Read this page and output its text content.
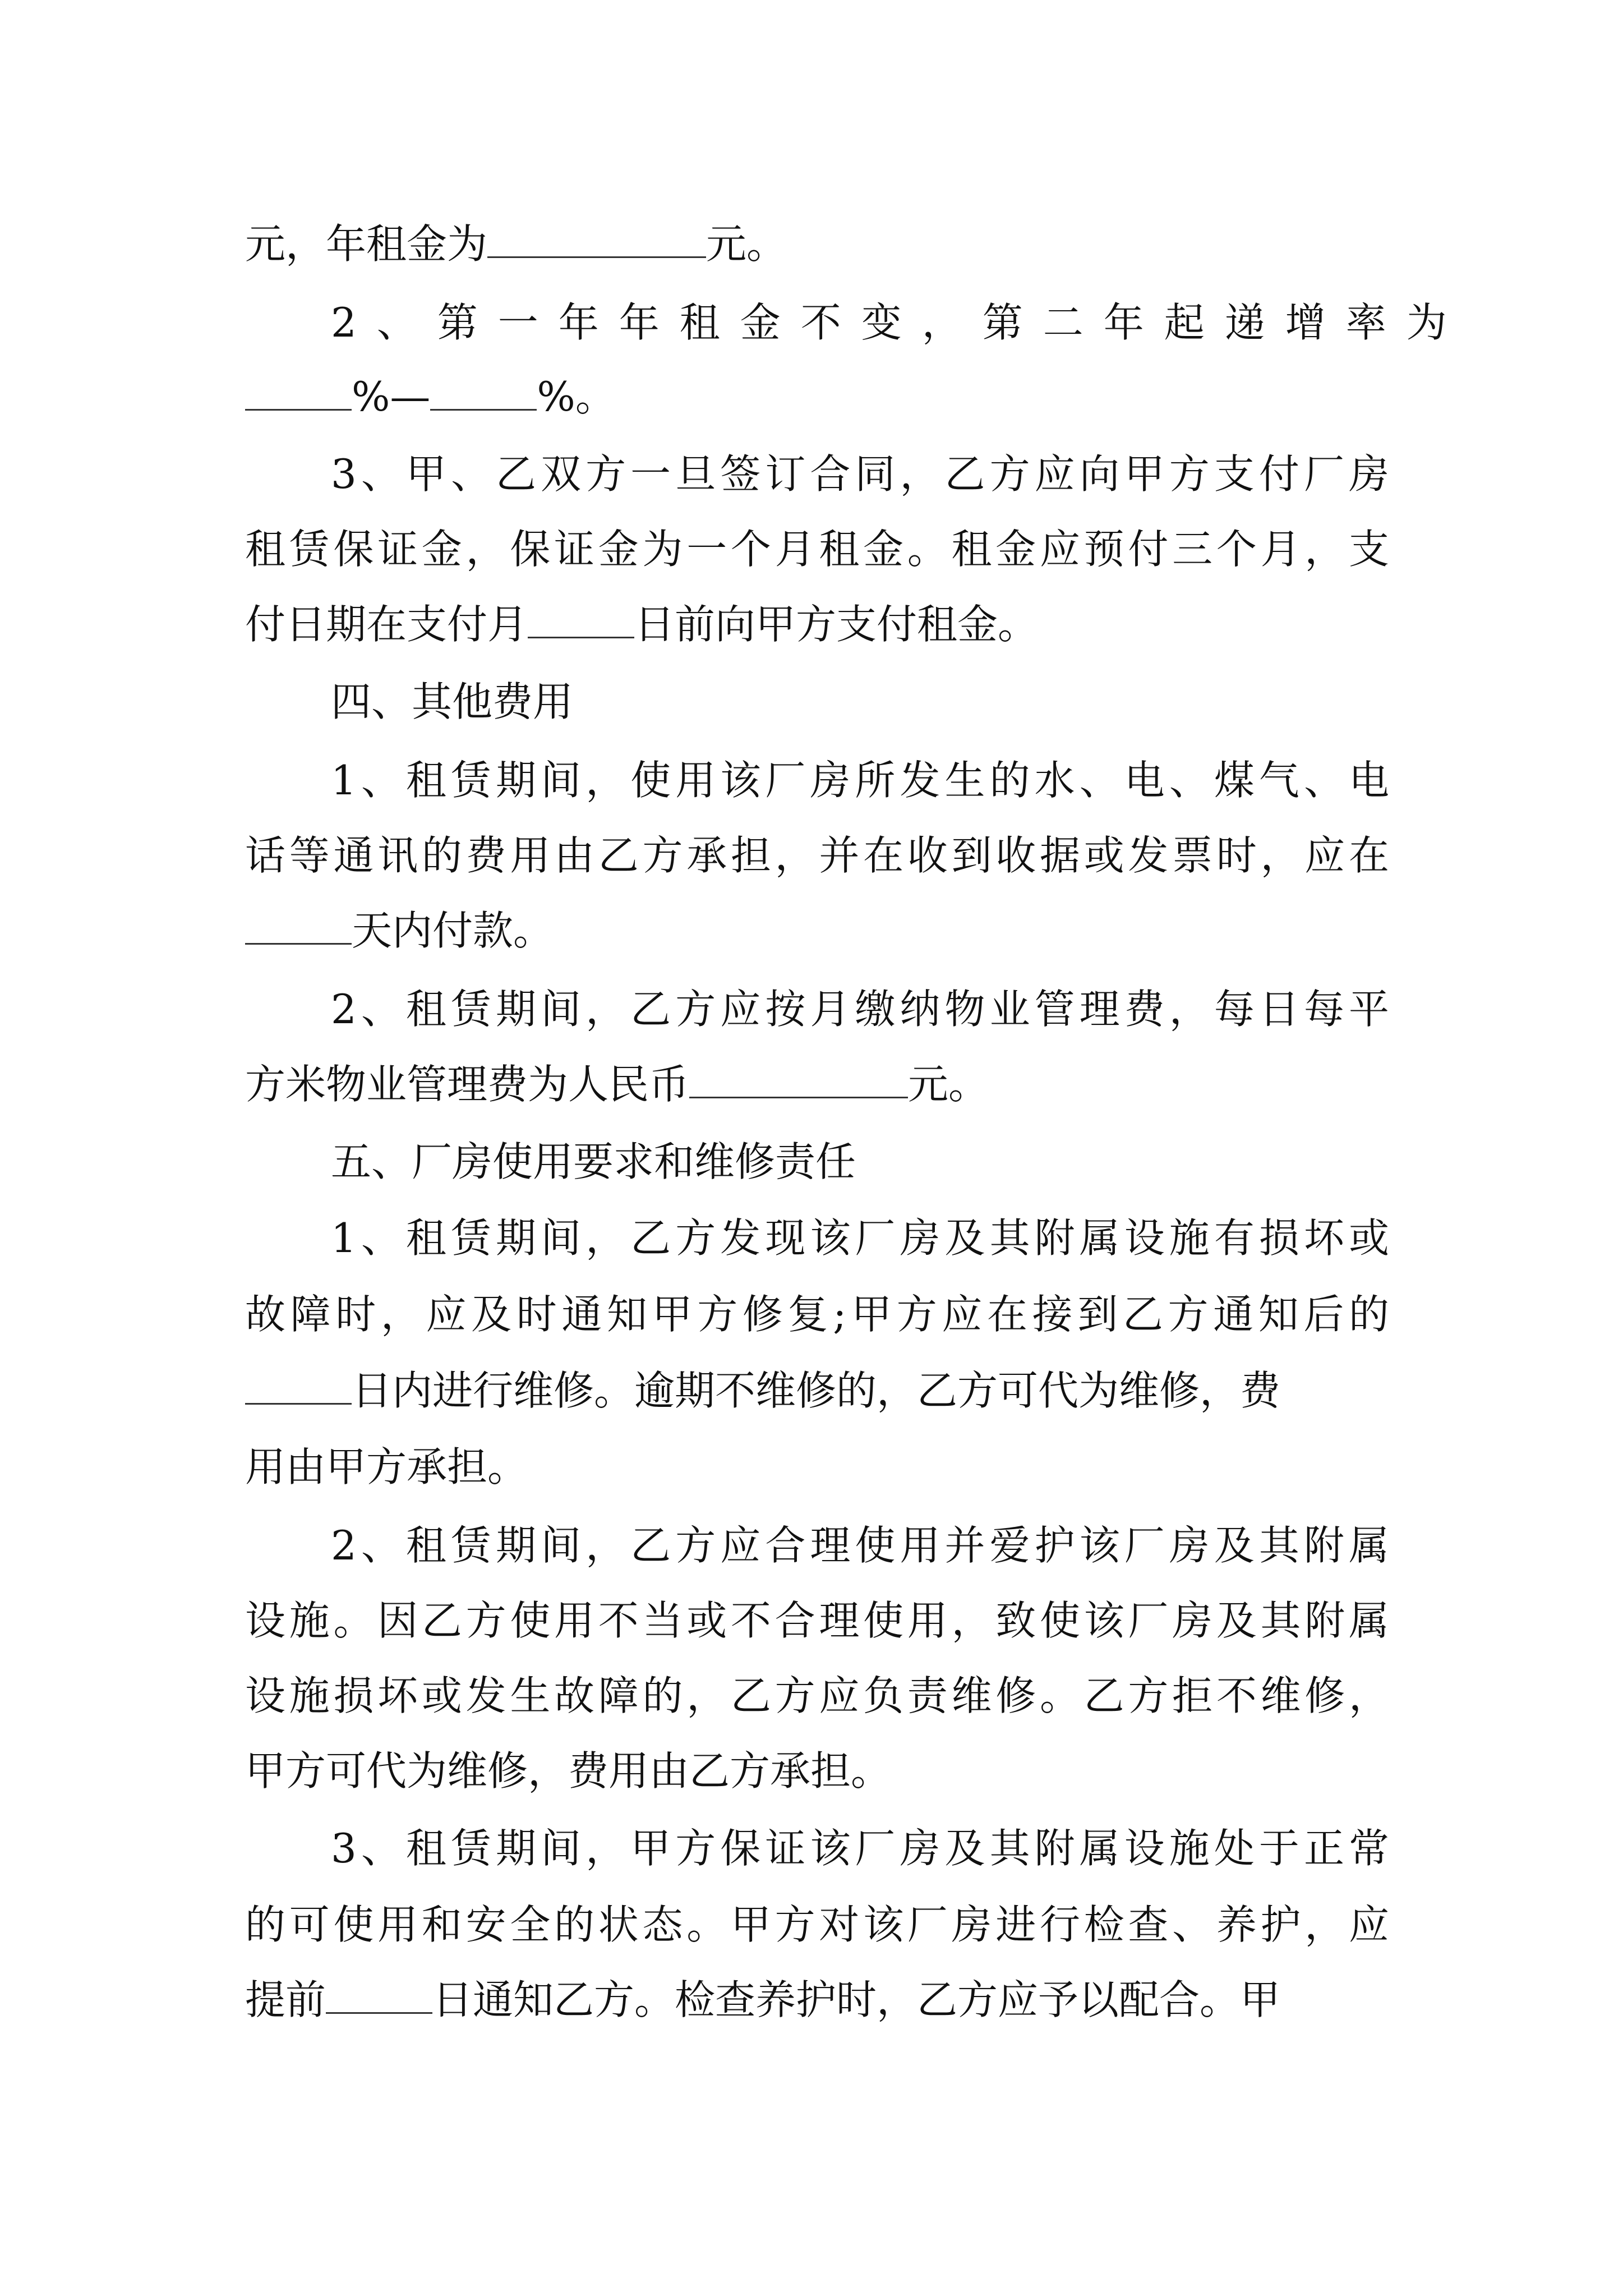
元，年租金为	元。
2、第一年年租金不变，第二年起递增率为
%—	%。
3、甲、乙双方一旦签订合同，乙方应向甲方支付厂房
租赁保证金，保证金为一个月租金。租金应预付三个月，支
付日期在支付月	日前向甲方支付租金。
四、其他费用
1、租赁期间，使用该厂房所发生的水、电、煤气、电
话等通讯的费用由乙方承担，并在收到收据或发票时，应在
天内付款。
2、租赁期间，乙方应按月缴纳物业管理费，每日每平
方米物业管理费为人民币	元。
五、厂房使用要求和维修责任
1、租赁期间，乙方发现该厂房及其附属设施有损坏或
故障时，应及时通知甲方修复;甲方应在接到乙方通知后的
日内进行维修。逾期不维修的，乙方可代为维修，费
用由甲方承担。
2、租赁期间，乙方应合理使用并爱护该厂房及其附属
设施。因乙方使用不当或不合理使用，致使该厂房及其附属
设施损坏或发生故障的，乙方应负责维修。乙方拒不维修，
甲方可代为维修，费用由乙方承担。
3、租赁期间，甲方保证该厂房及其附属设施处于正常
的可使用和安全的状态。甲方对该厂房进行检查、养护，应
提前	日通知乙方。检查养护时，乙方应予以配合。甲
